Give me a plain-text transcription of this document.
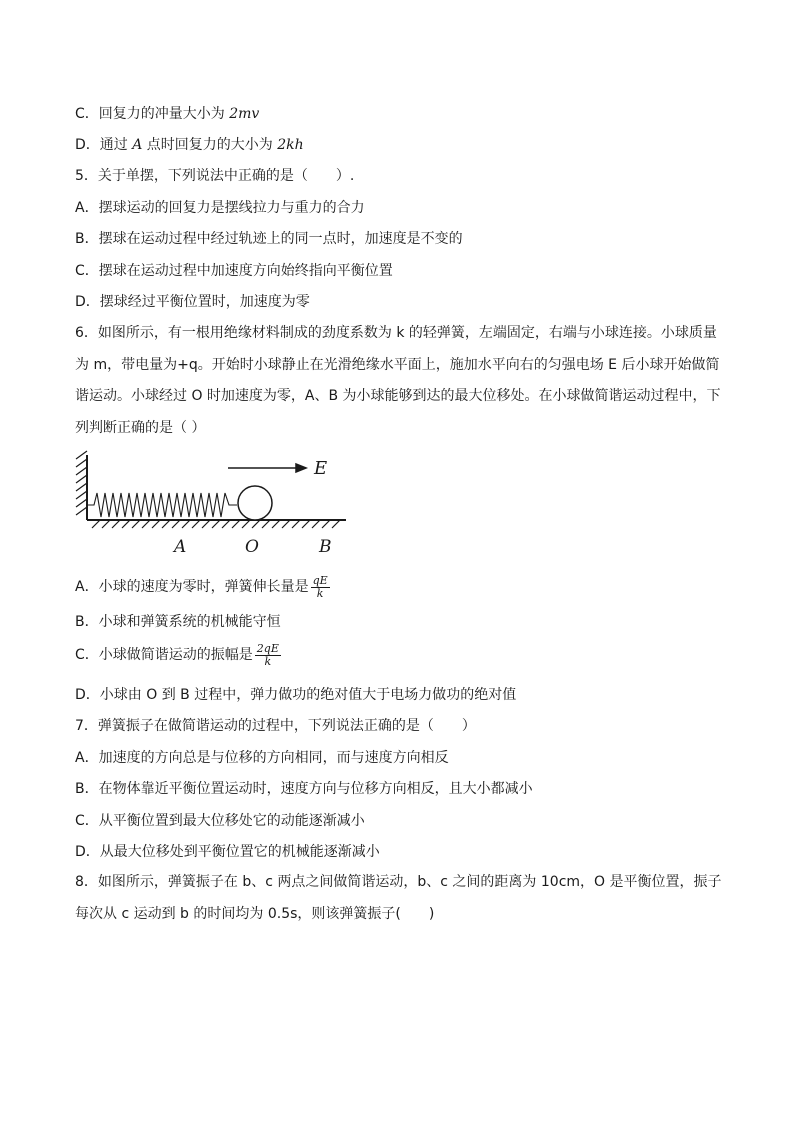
C．回复力的冲量大小为 2mv
D．通过 A 点时回复力的大小为 2kh
5．关于单摆，下列说法中正确的是（　　）.
A．摆球运动的回复力是摆线拉力与重力的合力
B．摆球在运动过程中经过轨迹上的同一点时，加速度是不变的
C．摆球在运动过程中加速度方向始终指向平衡位置
D．摆球经过平衡位置时，加速度为零
6．如图所示，有一根用绝缘材料制成的劲度系数为 k 的轻弹簧，左端固定，右端与小球连接。小球质量为 m，带电量为+q。开始时小球静止在光滑绝缘水平面上，施加水平向右的匀强电场 E 后小球开始做简谐运动。小球经过 O 时加速度为零，A、B 为小球能够到达的最大位移处。在小球做简谐运动过程中，下列判断正确的是（ ）
E
A	O	B
A．小球的速度为零时，弹簧伸长量是 $\frac{qE}{k}$
B．小球和弹簧系统的机械能守恒
C．小球做简谐运动的振幅是 $\frac{2qE}{k}$
D．小球由 O 到 B 过程中，弹力做功的绝对值大于电场力做功的绝对值
7．弹簧振子在做简谐运动的过程中，下列说法正确的是（　　）
A．加速度的方向总是与位移的方向相同，而与速度方向相反
B．在物体靠近平衡位置运动时，速度方向与位移方向相反，且大小都减小
C．从平衡位置到最大位移处它的动能逐渐减小
D．从最大位移处到平衡位置它的机械能逐渐减小
8．如图所示，弹簧振子在 b、c 两点之间做简谐运动，b、c 之间的距离为 10cm，O 是平衡位置，振子每次从 c 运动到 b 的时间均为 0.5s，则该弹簧振子(　　)
